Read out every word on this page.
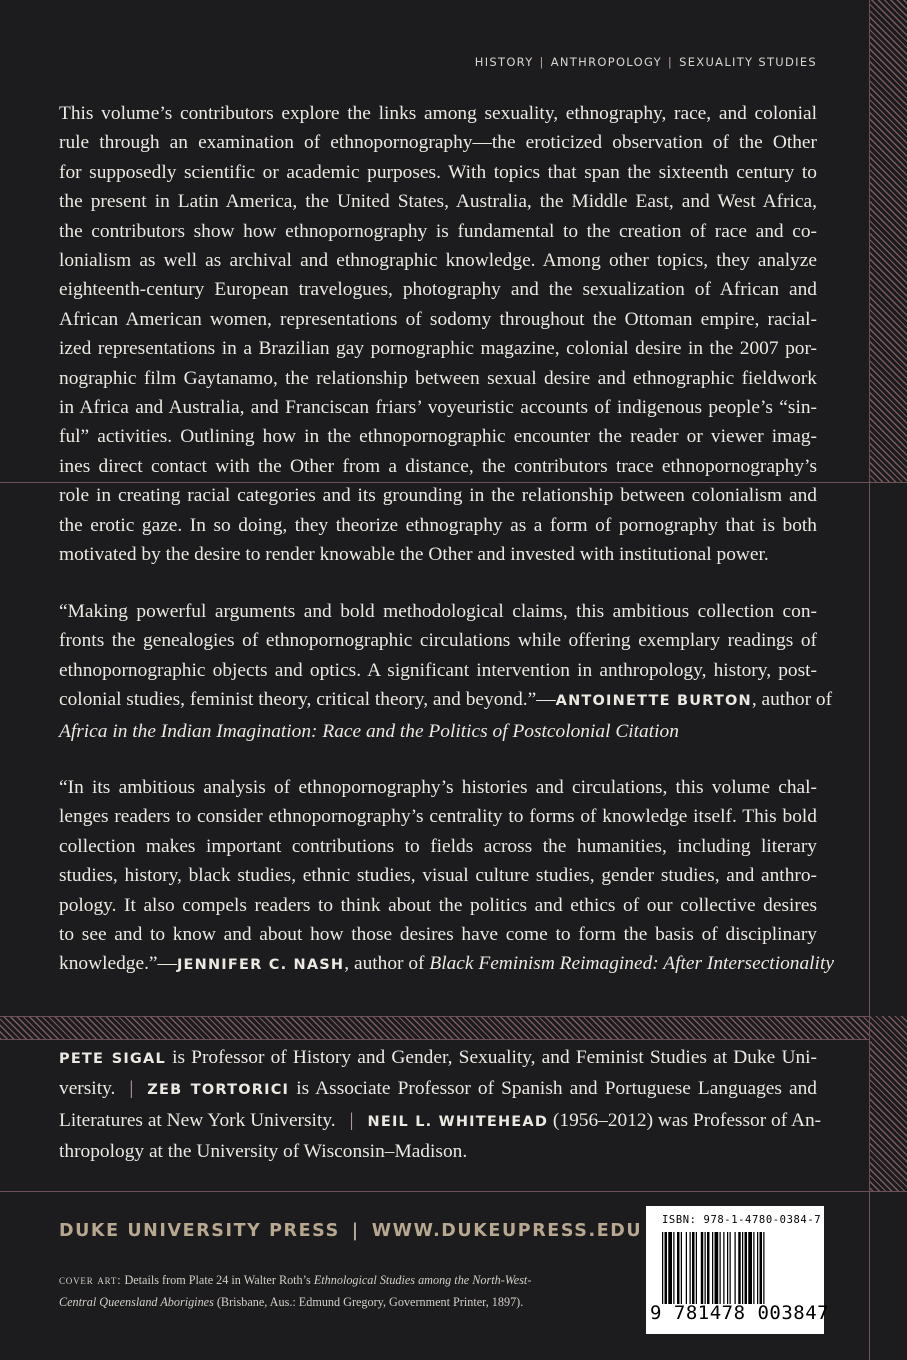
HISTORY | ANTHROPOLOGY | SEXUALITY STUDIES
This volume’s contributors explore the links among sexuality, ethnography, race, and colonial
rule through an examination of ethnopornography—the eroticized observation of the Other
for supposedly scientific or academic purposes. With topics that span the sixteenth century to
the present in Latin America, the United States, Australia, the Middle East, and West Africa,
the contributors show how ethnopornography is fundamental to the creation of race and co-
lonialism as well as archival and ethnographic knowledge. Among other topics, they analyze
eighteenth-century European travelogues, photography and the sexualization of African and
African American women, representations of sodomy throughout the Ottoman empire, racial-
ized representations in a Brazilian gay pornographic magazine, colonial desire in the 2007 por-
nographic film Gaytanamo, the relationship between sexual desire and ethnographic fieldwork
in Africa and Australia, and Franciscan friars’ voyeuristic accounts of indigenous people’s “sin-
ful” activities. Outlining how in the ethnopornographic encounter the reader or viewer imag-
ines direct contact with the Other from a distance, the contributors trace ethnopornography’s
role in creating racial categories and its grounding in the relationship between colonialism and
the erotic gaze. In so doing, they theorize ethnography as a form of pornography that is both
motivated by the desire to render knowable the Other and invested with institutional power.
“Making powerful arguments and bold methodological claims, this ambitious collection con-
fronts the genealogies of ethnopornographic circulations while offering exemplary readings of
ethnopornographic objects and optics. A significant intervention in anthropology, history, post-
colonial studies, feminist theory, critical theory, and beyond.”—ANTOINETTE BURTON, author of
Africa in the Indian Imagination: Race and the Politics of Postcolonial Citation
“In its ambitious analysis of ethnopornography’s histories and circulations, this volume chal-
lenges readers to consider ethnopornography’s centrality to forms of knowledge itself. This bold
collection makes important contributions to fields across the humanities, including literary
studies, history, black studies, ethnic studies, visual culture studies, gender studies, and anthro-
pology. It also compels readers to think about the politics and ethics of our collective desires
to see and to know and about how those desires have come to form the basis of disciplinary
knowledge.”—JENNIFER C. NASH, author of Black Feminism Reimagined: After Intersectionality
PETE SIGAL is Professor of History and Gender, Sexuality, and Feminist Studies at Duke Uni-
versity. | ZEB TORTORICI is Associate Professor of Spanish and Portuguese Languages and
Literatures at New York University. | NEIL L. WHITEHEAD (1956–2012) was Professor of An-
thropology at the University of Wisconsin–Madison.
DUKE UNIVERSITY PRESS | WWW.DUKEUPRESS.EDU
cover art: Details from Plate 24 in Walter Roth’s Ethnological Studies among the North-West-
Central Queensland Aborigines (Brisbane, Aus.: Edmund Gregory, Government Printer, 1897).
ISBN: 978-1-4780-0384-7
9 781478 003847
